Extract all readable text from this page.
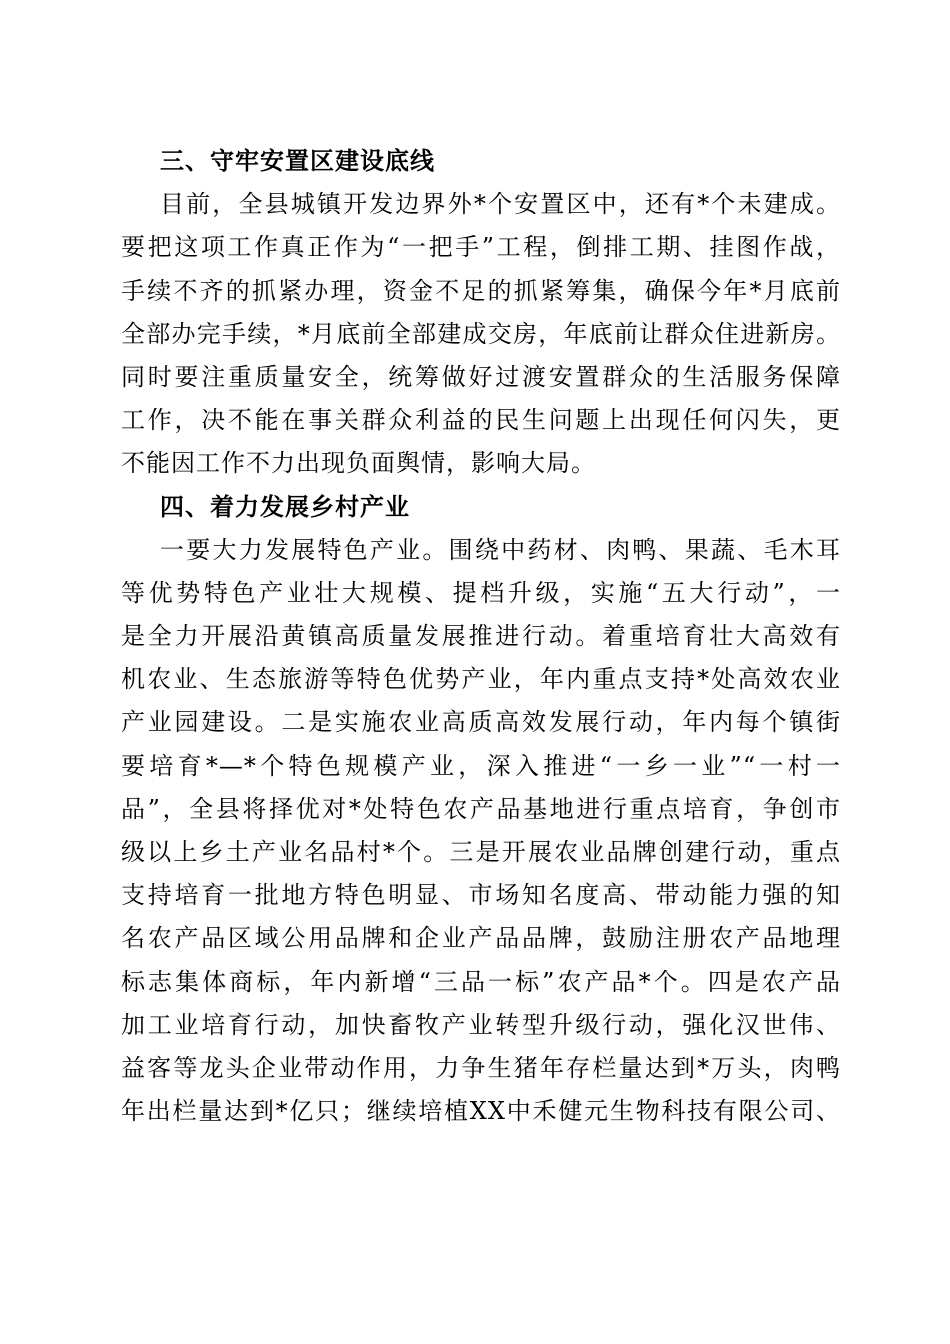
三、守牢安置区建设底线
目前，全县城镇开发边界外*个安置区中，还有*个未建成。
要把这项工作真正作为“一把手”工程，倒排工期、挂图作战，
手续不齐的抓紧办理，资金不足的抓紧筹集，确保今年*月底前
全部办完手续，*月底前全部建成交房，年底前让群众住进新房。
同时要注重质量安全，统筹做好过渡安置群众的生活服务保障
工作，决不能在事关群众利益的民生问题上出现任何闪失，更
不能因工作不力出现负面舆情，影响大局。
四、着力发展乡村产业
一要大力发展特色产业。围绕中药材、肉鸭、果蔬、毛木耳
等优势特色产业壮大规模、提档升级，实施“五大行动”，一
是全力开展沿黄镇高质量发展推进行动。着重培育壮大高效有
机农业、生态旅游等特色优势产业，年内重点支持*处高效农业
产业园建设。二是实施农业高质高效发展行动，年内每个镇街
要培育*—*个特色规模产业，深入推进“一乡一业”“一村一
品”，全县将择优对*处特色农产品基地进行重点培育，争创市
级以上乡土产业名品村*个。三是开展农业品牌创建行动，重点
支持培育一批地方特色明显、市场知名度高、带动能力强的知
名农产品区域公用品牌和企业产品品牌，鼓励注册农产品地理
标志集体商标，年内新增“三品一标”农产品*个。四是农产品
加工业培育行动，加快畜牧产业转型升级行动，强化汉世伟、
益客等龙头企业带动作用，力争生猪年存栏量达到*万头，肉鸭
年出栏量达到*亿只；继续培植XX中禾健元生物科技有限公司、
